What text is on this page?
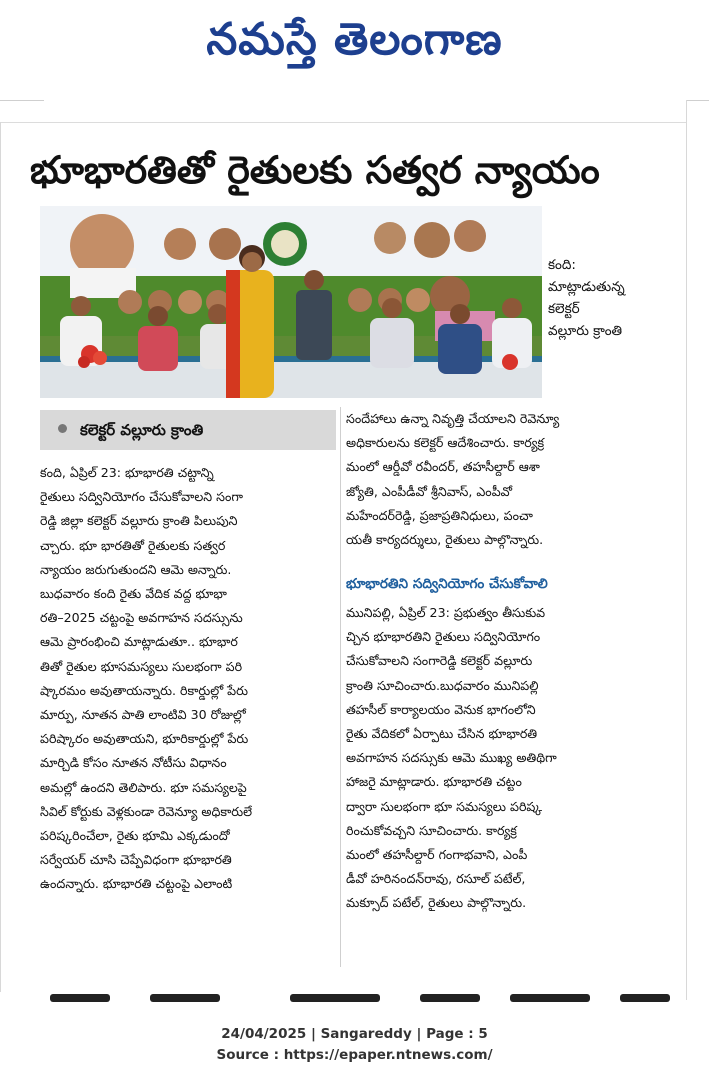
నమస్తే తెలంగాణ
భూభారతితో రైతులకు సత్వర న్యాయం
కంది:
మాట్లాడుతున్న
కలెక్టర్
వల్లూరు క్రాంతి
కలెక్టర్ వల్లూరు క్రాంతి
కంది, ఏప్రిల్ 23: భూభారతి చట్టాన్ని
రైతులు సద్వినియోగం చేసుకోవాలని సంగా
రెడ్డి జిల్లా కలెక్టర్ వల్లూరు క్రాంతి పిలుపుని
చ్చారు. భూ భారతితో రైతులకు సత్వర
న్యాయం జరుగుతుందని ఆమె అన్నారు.
బుధవారం కంది రైతు వేదిక వద్ద భూభా
రతి–2025 చట్టంపై అవగాహన సదస్సును
ఆమె ప్రారంభించి మాట్లాడుతూ.. భూభార
తితో రైతుల భూసమస్యలు సులభంగా పరి
ష్కారమం అవుతాయన్నారు. రికార్డుల్లో పేరు
మార్పు, నూతన పాతి లాంటివి 30 రోజుల్లో
పరిష్కారం అవుతాయని, భూరికార్డుల్లో పేరు
మార్చిడి కోసం నూతన నోటీసు విధానం
అమల్లో ఉందని తెలిపారు. భూ సమస్యలపై
సివిల్ కోర్టుకు వెళ్లకుండా రెవెన్యూ అధికారులే
పరిష్కరించేలా, రైతు భూమి ఎక్కడుందో
సర్వేయర్ చూసి చెప్పేవిధంగా భూభారతి
ఉందన్నారు. భూభారతి చట్టంపై ఎలాంటి
సందేహాలు ఉన్నా నివృత్తి చేయాలని రెవెన్యూ
అధికారులను కలెక్టర్ ఆదేశించారు. కార్యక్ర
మంలో ఆర్డీవో రవీందర్, తహసీల్దార్ ఆశా
జ్యోతి, ఎంపీడీవో శ్రీనివాస్, ఎంపీవో
మహేందర్‌రెడ్డి, ప్రజాప్రతినిధులు, పంచా
యతీ కార్యదర్శులు, రైతులు పాల్గొన్నారు.
భూభారతిని సద్వినియోగం చేసుకోవాలి
మునిపల్లి, ఏప్రిల్ 23: ప్రభుత్వం తీసుకువ
చ్చిన భూభారతిని రైతులు సద్వినియోగం
చేసుకోవాలని సంగారెడ్డి కలెక్టర్ వల్లూరు
క్రాంతి సూచించారు.బుధవారం మునిపల్లి
తహసీల్ కార్యాలయం వెనుక భాగంలోని
రైతు వేదికలో ఏర్పాటు చేసిన భూభారతి
అవగాహన సదస్సుకు ఆమె ముఖ్య అతిథిగా
హాజరై మాట్లాడారు. భూభారతి చట్టం
ద్వారా సులభంగా భూ సమస్యలు పరిష్క
రించుకోవచ్చని సూచించారు. కార్యక్ర
మంలో తహసీల్దార్ గంగాభవాని, ఎంపీ
డీవో హరినందన్‌రావు, రసూల్ పటేల్,
మక్సూద్ పటేల్, రైతులు పాల్గొన్నారు.
24/04/2025 | Sangareddy | Page : 5
Source : https://epaper.ntnews.com/
